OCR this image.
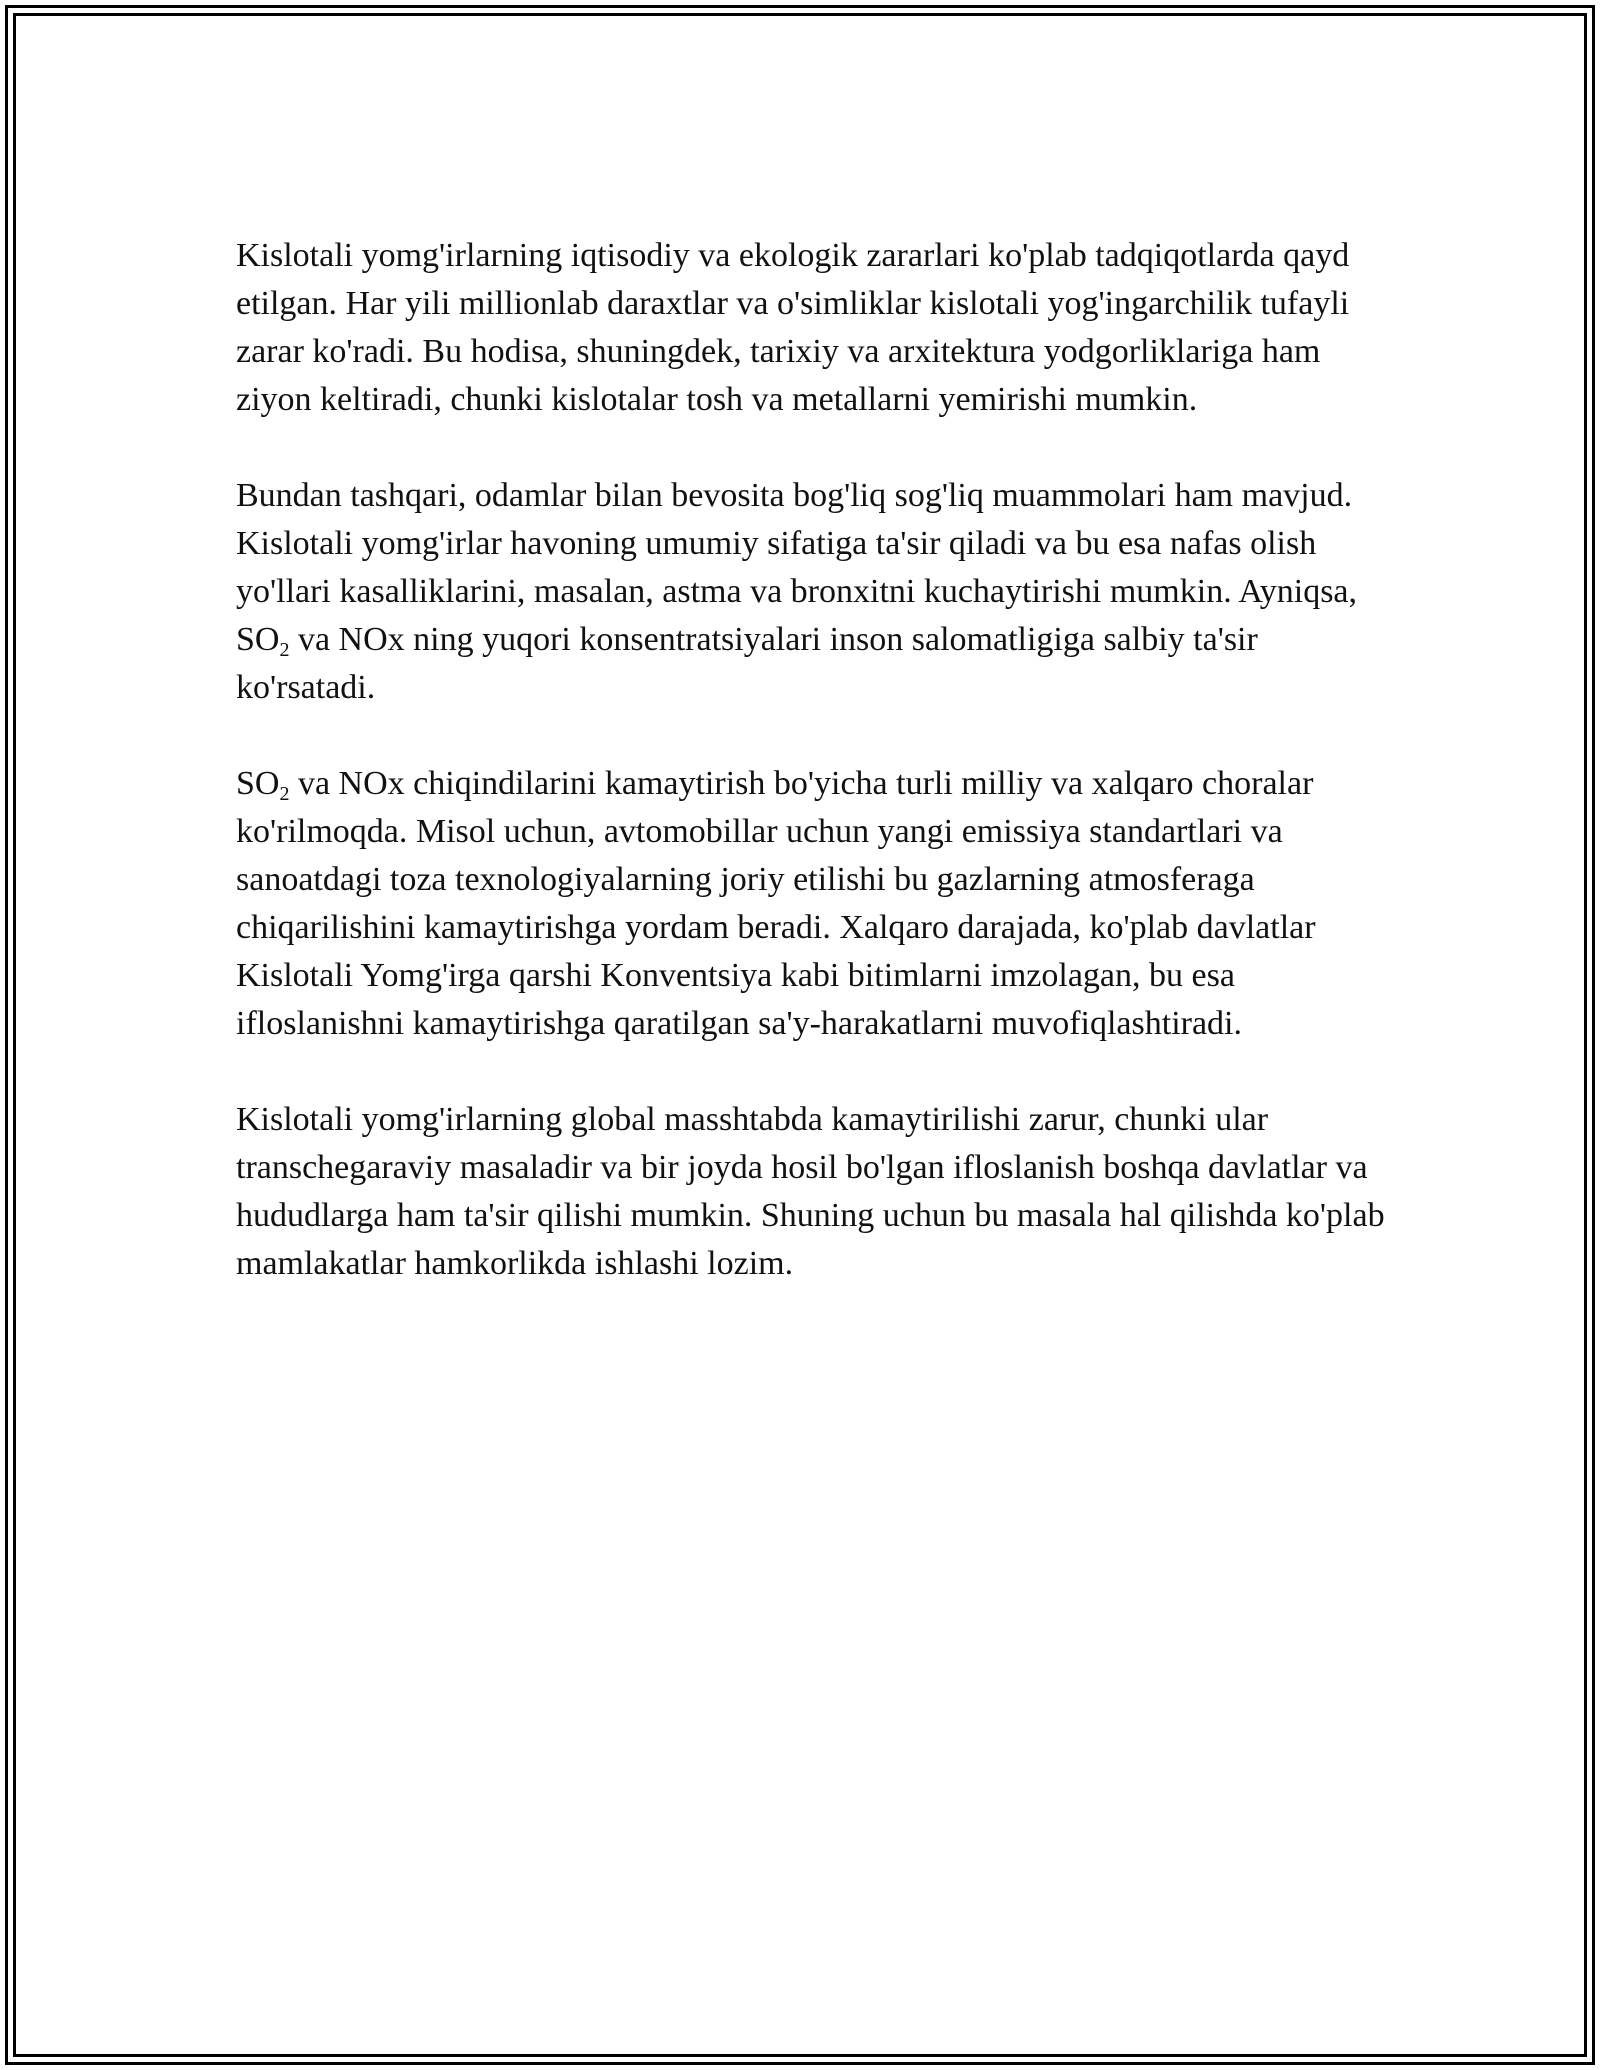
Kislotali yomg'irlarning iqtisodiy va ekologik zararlari ko'plab tadqiqotlarda qayd etilgan. Har yili millionlab daraxtlar va o'simliklar kislotali yog'ingarchilik tufayli zarar ko'radi. Bu hodisa, shuningdek, tarixiy va arxitektura yodgorliklariga ham ziyon keltiradi, chunki kislotalar tosh va metallarni yemirishi mumkin.

Bundan tashqari, odamlar bilan bevosita bog'liq sog'liq muammolari ham mavjud. Kislotali yomg'irlar havoning umumiy sifatiga ta'sir qiladi va bu esa nafas olish yo'llari kasalliklarini, masalan, astma va bronxitni kuchaytirishi mumkin. Ayniqsa, $SO_2$ va NOx ning yuqori konsentratsiyalari inson salomatligiga salbiy ta'sir ko'rsatadi.

$SO_2$ va NOx chiqindilarini kamaytirish bo'yicha turli milliy va xalqaro choralar ko'rilmoqda. Misol uchun, avtomobillar uchun yangi emissiya standartlari va sanoatdagi toza texnologiyalarning joriy etilishi bu gazlarning atmosferaga chiqarilishini kamaytirishga yordam beradi. Xalqaro darajada, ko'plab davlatlar Kislotali Yomg'irga qarshi Konventsiya kabi bitimlarni imzolagan, bu esa ifloslanishni kamaytirishga qaratilgan sa'y-harakatlarni muvofiqlashtiradi.

Kislotali yomg'irlarning global masshtabda kamaytirilishi zarur, chunki ular transchegaraviy masaladir va bir joyda hosil bo'lgan ifloslanish boshqa davlatlar va hududlarga ham ta'sir qilishi mumkin. Shuning uchun bu masala hal qilishda ko'plab mamlakatlar hamkorlikda ishlashi lozim.
